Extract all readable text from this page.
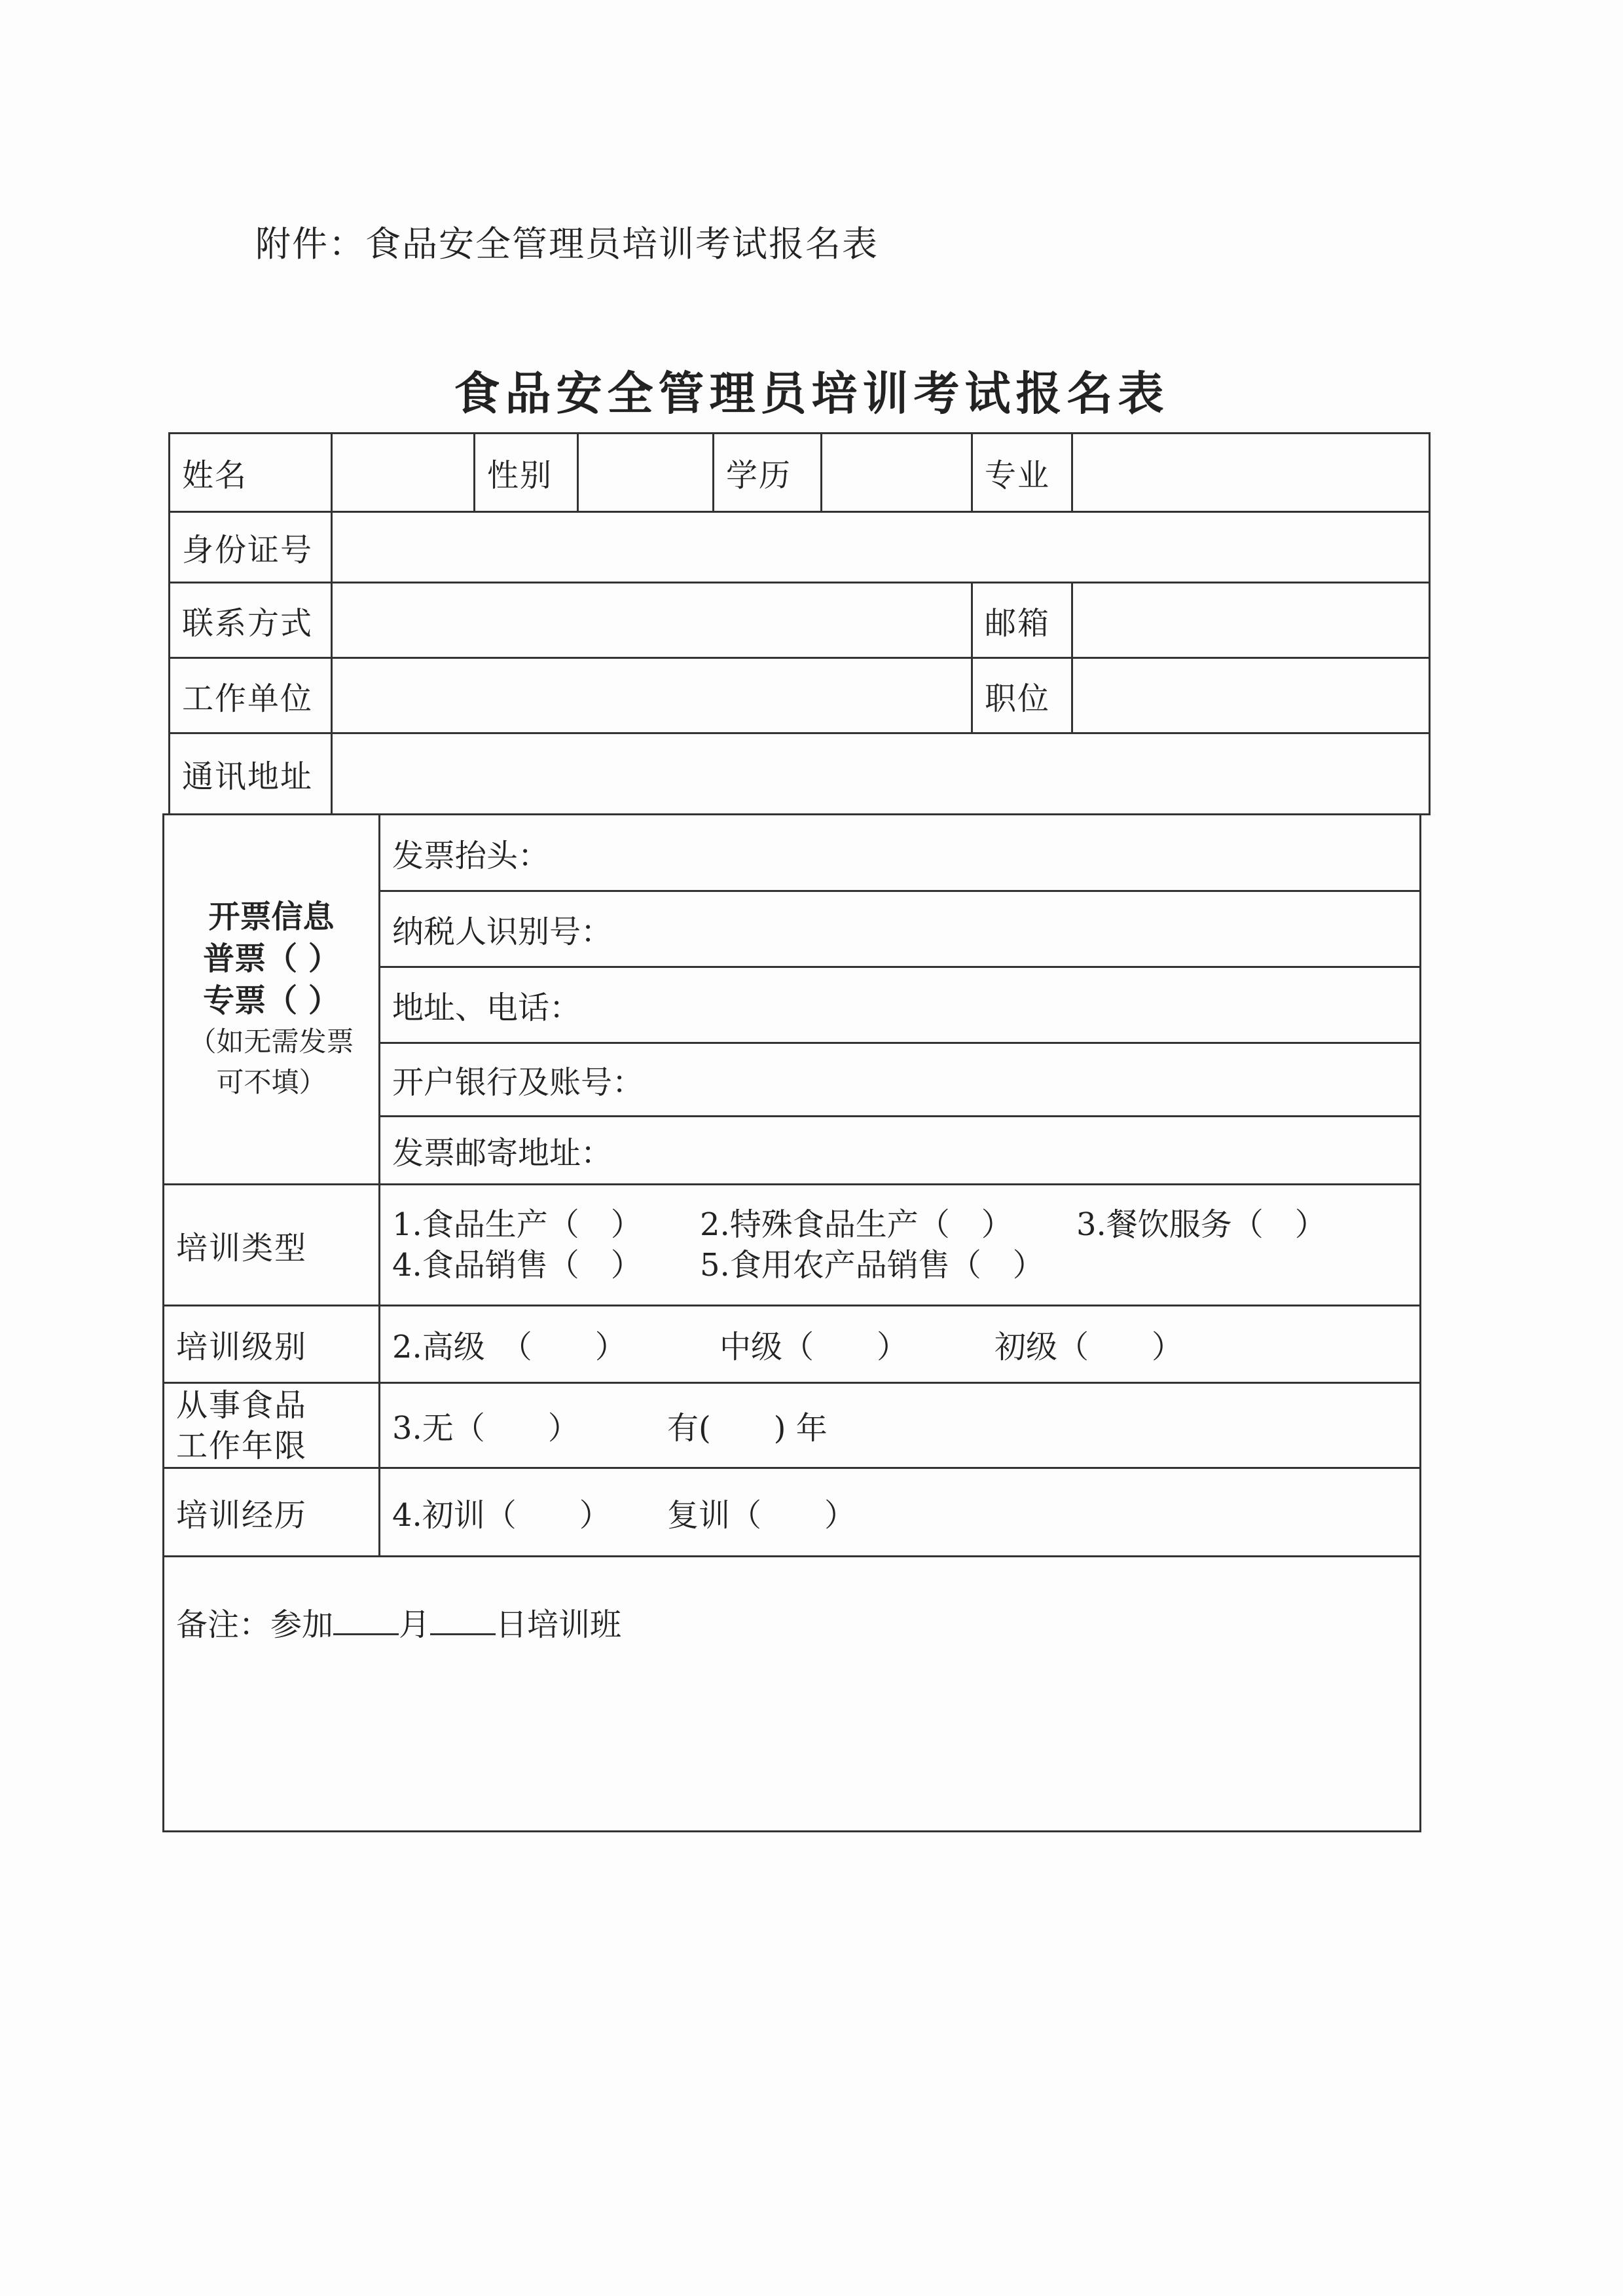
附件：食品安全管理员培训考试报名表
食品安全管理员培训考试报名表
姓名		性别		学历		专业	
身份证号							
联系方式						邮箱	
工作单位						职位	
通讯地址							
开票信息
普票（ ）
专票（ ）
（如无需发票
可不填）	发票抬头：
	纳税人识别号：
	地址、电话：
	开户银行及账号：
	发票邮寄地址：
培训类型	1.食品生产（　） 2.特殊食品生产（　） 3.餐饮服务（　）
4.食品销售（　） 5.食用农产品销售（　）
培训级别	2.高级　（　　） 中级（　　） 初级（　　）
从事食品
工作年限	3.无（　　） 有(　　) 年
培训经历	4.初训（　　） 复训（　　）
备注：参加 月 日培训班	
